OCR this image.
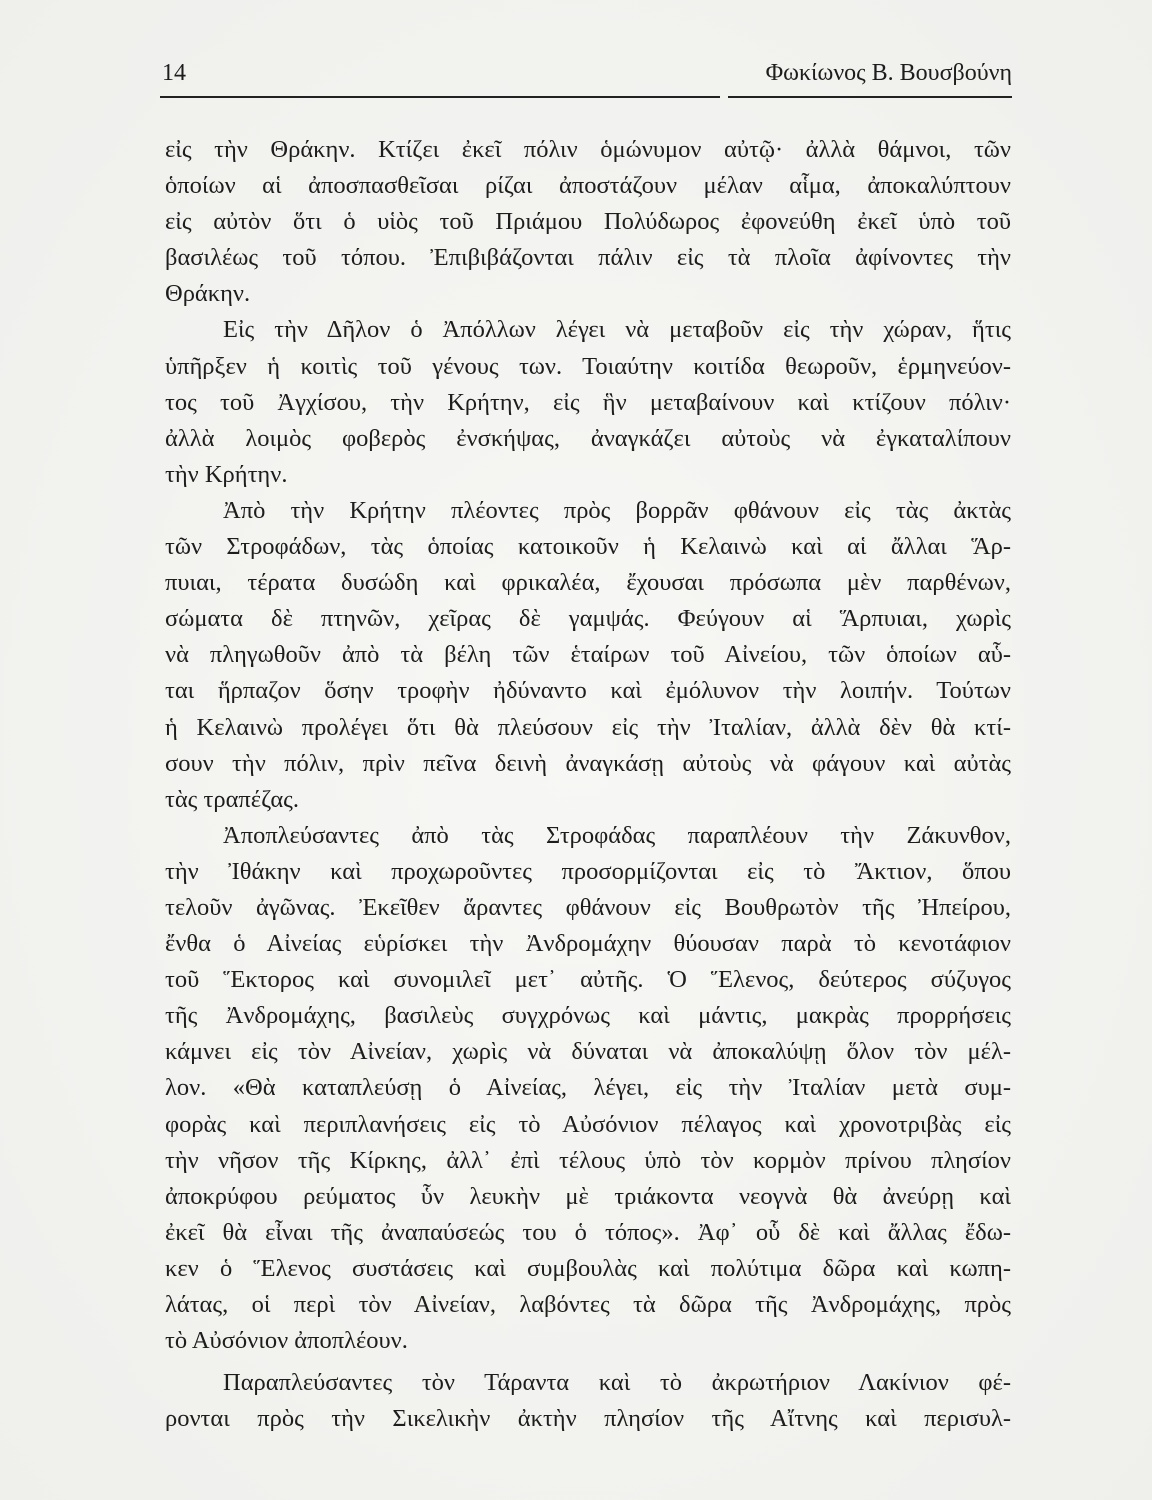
14	Φωκίωνος Β. Βουσβούνη
εἰς τὴν Θράκην. Κτίζει ἐκεῖ πόλιν ὁμώνυμον αὐτῷ· ἀλλὰ θάμνοι, τῶν
ὁποίων αἱ ἀποσπασθεῖσαι ρίζαι ἀποστάζουν μέλαν αἷμα, ἀποκαλύπτουν
εἰς αὐτὸν ὅτι ὁ υἱὸς τοῦ Πριάμου Πολύδωρος ἐφονεύθη ἐκεῖ ὑπὸ τοῦ
βασιλέως τοῦ τόπου. Ἐπιβιβάζονται πάλιν εἰς τὰ πλοῖα ἀφίνοντες τὴν
Θράκην.
Εἰς τὴν Δῆλον ὁ Ἀπόλλων λέγει νὰ μεταβοῦν εἰς τὴν χώραν, ἥτις
ὑπῆρξεν ἡ κοιτὶς τοῦ γένους των. Τοιαύτην κοιτίδα θεωροῦν, ἑρμηνεύον-
τος τοῦ Ἀγχίσου, τὴν Κρήτην, εἰς ἣν μεταβαίνουν καὶ κτίζουν πόλιν·
ἀλλὰ λοιμὸς φοβερὸς ἐνσκήψας, ἀναγκάζει αὐτοὺς νὰ ἐγκαταλίπουν
τὴν Κρήτην.
Ἀπὸ τὴν Κρήτην πλέοντες πρὸς βορρᾶν φθάνουν εἰς τὰς ἀκτὰς
τῶν Στροφάδων, τὰς ὁποίας κατοικοῦν ἡ Κελαινὼ καὶ αἱ ἄλλαι Ἅρ-
πυιαι, τέρατα δυσώδη καὶ φρικαλέα, ἔχουσαι πρόσωπα μὲν παρθένων,
σώματα δὲ πτηνῶν, χεῖρας δὲ γαμψάς. Φεύγουν αἱ Ἅρπυιαι, χωρὶς
νὰ πληγωθοῦν ἀπὸ τὰ βέλη τῶν ἑταίρων τοῦ Αἰνείου, τῶν ὁποίων αὗ-
ται ἥρπαζον ὅσην τροφὴν ἠδύναντο καὶ ἐμόλυνον τὴν λοιπήν. Τούτων
ἡ Κελαινὼ προλέγει ὅτι θὰ πλεύσουν εἰς τὴν Ἰταλίαν, ἀλλὰ δὲν θὰ κτί-
σουν τὴν πόλιν, πρὶν πεῖνα δεινὴ ἀναγκάσῃ αὐτοὺς νὰ φάγουν καὶ αὐτὰς
τὰς τραπέζας.
Ἀποπλεύσαντες ἀπὸ τὰς Στροφάδας παραπλέουν τὴν Ζάκυνθον,
τὴν Ἰθάκην καὶ προχωροῦντες προσορμίζονται εἰς τὸ Ἄκτιον, ὅπου
τελοῦν ἀγῶνας. Ἐκεῖθεν ἄραντες φθάνουν εἰς Βουθρωτὸν τῆς Ἠπείρου,
ἔνθα ὁ Αἰνείας εὑρίσκει τὴν Ἀνδρομάχην θύουσαν παρὰ τὸ κενοτάφιον
τοῦ Ἕκτορος καὶ συνομιλεῖ μετ᾽ αὐτῆς. Ὁ Ἕλενος, δεύτερος σύζυγος
τῆς Ἀνδρομάχης, βασιλεὺς συγχρόνως καὶ μάντις, μακρὰς προρρήσεις
κάμνει εἰς τὸν Αἰνείαν, χωρὶς νὰ δύναται νὰ ἀποκαλύψῃ ὅλον τὸν μέλ-
λον. «Θὰ καταπλεύσῃ ὁ Αἰνείας, λέγει, εἰς τὴν Ἰταλίαν μετὰ συμ-
φορὰς καὶ περιπλανήσεις εἰς τὸ Αὐσόνιον πέλαγος καὶ χρονοτριβὰς εἰς
τὴν νῆσον τῆς Κίρκης, ἀλλ᾽ ἐπὶ τέλους ὑπὸ τὸν κορμὸν πρίνου πλησίον
ἀποκρύφου ρεύματος ὗν λευκὴν μὲ τριάκοντα νεογνὰ θὰ ἀνεύρῃ καὶ
ἐκεῖ θὰ εἶναι τῆς ἀναπαύσεώς του ὁ τόπος». Ἀφ᾽ οὗ δὲ καὶ ἄλλας ἔδω-
κεν ὁ Ἕλενος συστάσεις καὶ συμβουλὰς καὶ πολύτιμα δῶρα καὶ κωπη-
λάτας, οἱ περὶ τὸν Αἰνείαν, λαβόντες τὰ δῶρα τῆς Ἀνδρομάχης, πρὸς
τὸ Αὐσόνιον ἀποπλέουν.
Παραπλεύσαντες τὸν Τάραντα καὶ τὸ ἀκρωτήριον Λακίνιον φέ-
ρονται πρὸς τὴν Σικελικὴν ἀκτὴν πλησίον τῆς Αἴτνης καὶ περισυλ-
